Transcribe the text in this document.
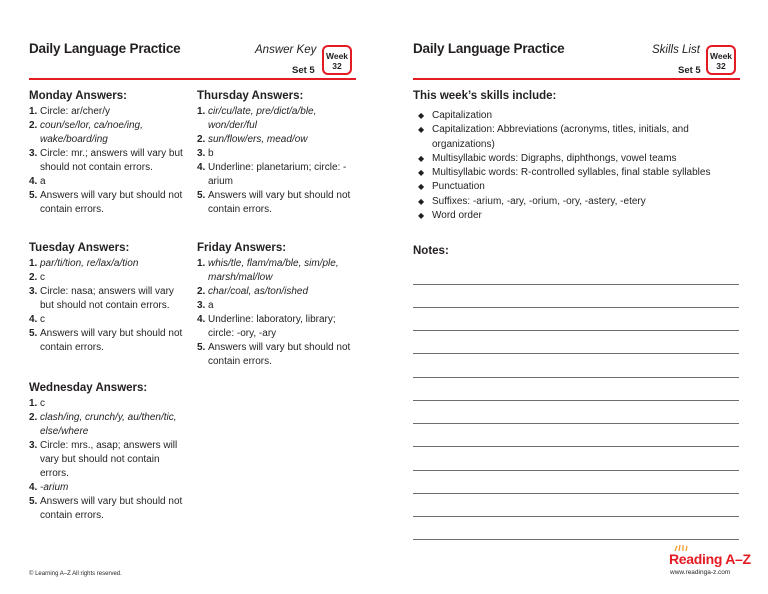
Daily Language Practice	Answer Key
Set 5
Week
32
Monday Answers:
1. Circle: ar/cher/y
2. coun/se/lor, ca/noe/ing, wake/board/ing
3. Circle: mr.; answers will vary but should not contain errors.
4. a
5. Answers will vary but should not contain errors.
Tuesday Answers:
1. par/ti/tion, re/lax/a/tion
2. c
3. Circle: nasa; answers will vary but should not contain errors.
4. c
5. Answers will vary but should not contain errors.
Wednesday Answers:
1. c
2. clash/ing, crunch/y, au/then/tic, else/where
3. Circle: mrs., asap; answers will vary but should not contain errors.
4. -arium
5. Answers will vary but should not contain errors.
Thursday Answers:
1. cir/cu/late, pre/dict/a/ble, won/der/ful
2. sun/flow/ers, mead/ow
3. b
4. Underline: planetarium; circle: -arium
5. Answers will vary but should not contain errors.
Friday Answers:
1. whis/tle, flam/ma/ble, sim/ple, marsh/mal/low
2. char/coal, as/ton/ished
3. a
4. Underline: laboratory, library; circle: -ory, -ary
5. Answers will vary but should not contain errors.
© Learning A–Z All rights reserved.
Daily Language Practice	Skills List
Set 5
Week
32
This week’s skills include:
◆ Capitalization
◆ Capitalization: Abbreviations (acronyms, titles, initials, and organizations)
◆ Multisyllabic words: Digraphs, diphthongs, vowel teams
◆ Multisyllabic words: R-controlled syllables, final stable syllables
◆ Punctuation
◆ Suffixes: -arium, -ary, -orium, -ory, -astery, -etery
◆ Word order
Notes:
Reading A–Z
www.readinga-z.com
